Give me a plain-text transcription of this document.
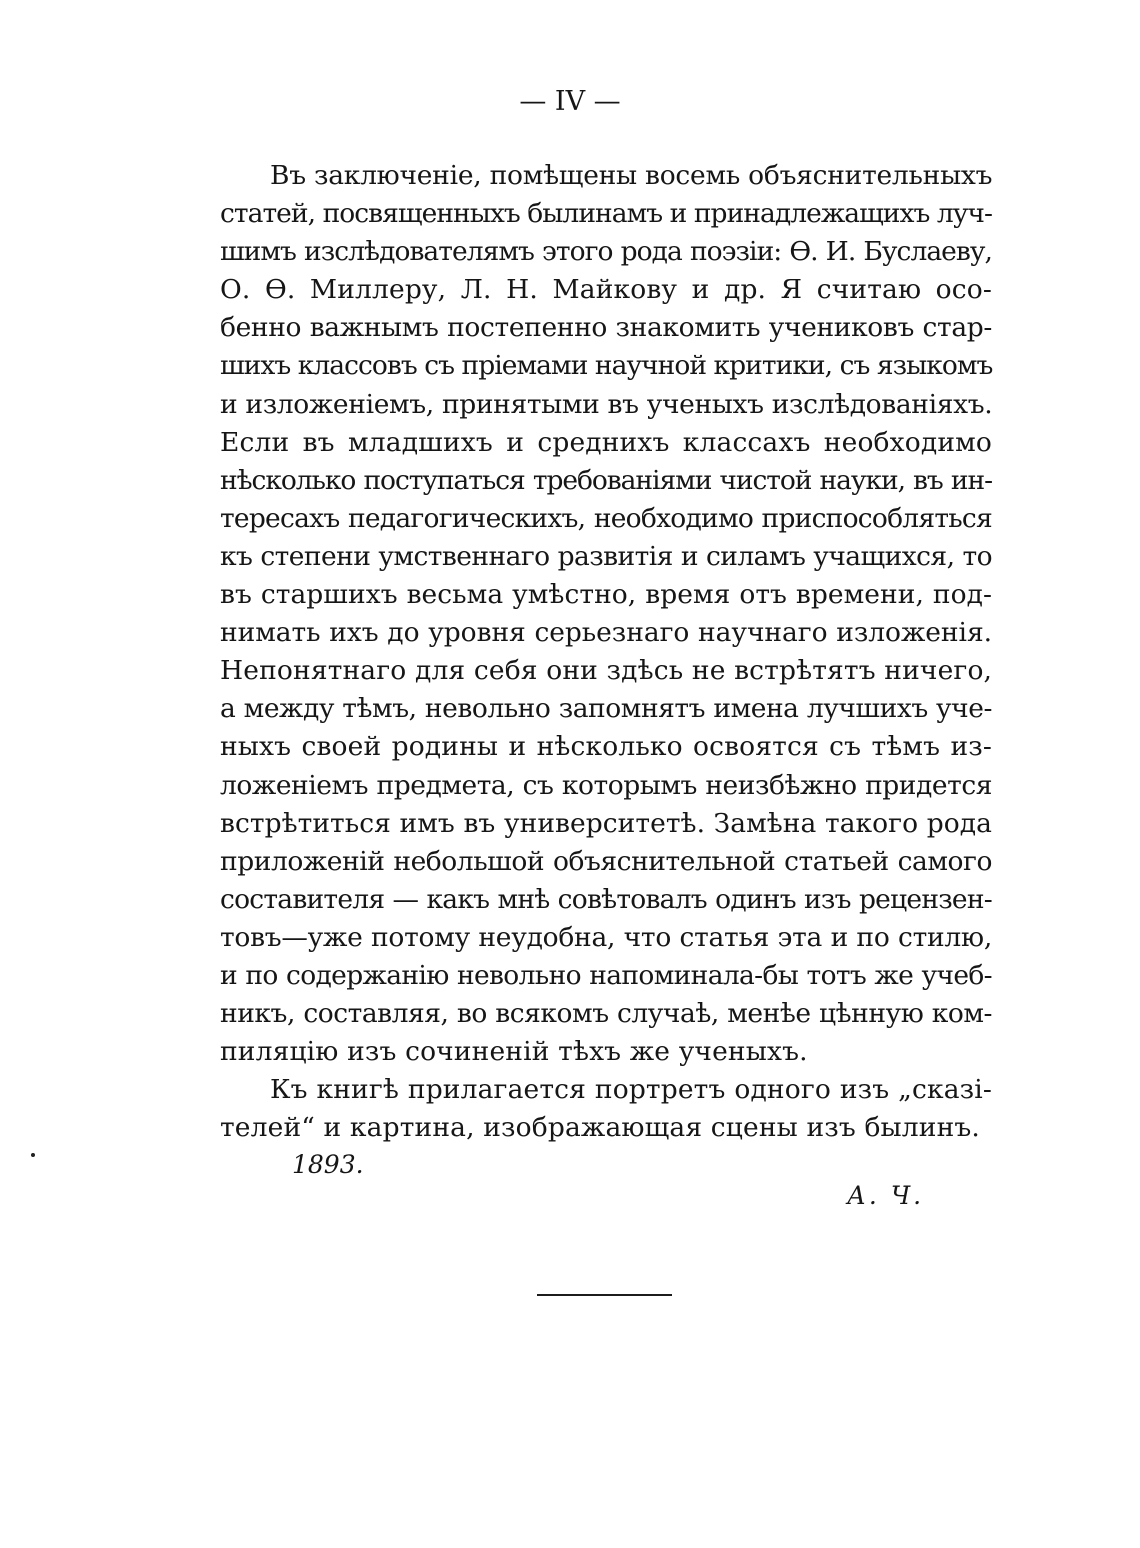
— IV —
Въ заключеніе, помѣщены восемь объяснительныхъ
статей, посвященныхъ былинамъ и принадлежащихъ луч-
шимъ изслѣдователямъ этого рода поэзіи: Ѳ. И. Буслаеву,
О. Ѳ. Миллеру, Л. Н. Майкову и др. Я считаю осо-
бенно важнымъ постепенно знакомить учениковъ стар-
шихъ классовъ съ пріемами научной критики, съ языкомъ
и изложеніемъ, принятыми въ ученыхъ изслѣдованіяхъ.
Если въ младшихъ и среднихъ классахъ необходимо
нѣсколько поступаться требованіями чистой науки, въ ин-
тересахъ педагогическихъ, необходимо приспособляться
къ степени умственнаго развитія и силамъ учащихся, то
въ старшихъ весьма умѣстно, время отъ времени, под-
нимать ихъ до уровня серьезнаго научнаго изложенія.
Непонятнаго для себя они здѣсь не встрѣтятъ ничего,
а между тѣмъ, невольно запомнятъ имена лучшихъ уче-
ныхъ своей родины и нѣсколько освоятся съ тѣмъ из-
ложеніемъ предмета, съ которымъ неизбѣжно придется
встрѣтиться имъ въ университетѣ. Замѣна такого рода
приложеній небольшой объяснительной статьей самого
составителя — какъ мнѣ совѣтовалъ одинъ изъ рецензен-
товъ—уже потому неудобна, что статья эта и по стилю,
и по содержанію невольно напоминала-бы тотъ же учеб-
никъ, составляя, во всякомъ случаѣ, менѣе цѣнную ком-
пиляцію изъ сочиненій тѣхъ же ученыхъ.
Къ книгѣ прилагается портретъ одного изъ „сказі-
телей“ и картина, изображающая сцены изъ былинъ.
1893.
А. Ч.
